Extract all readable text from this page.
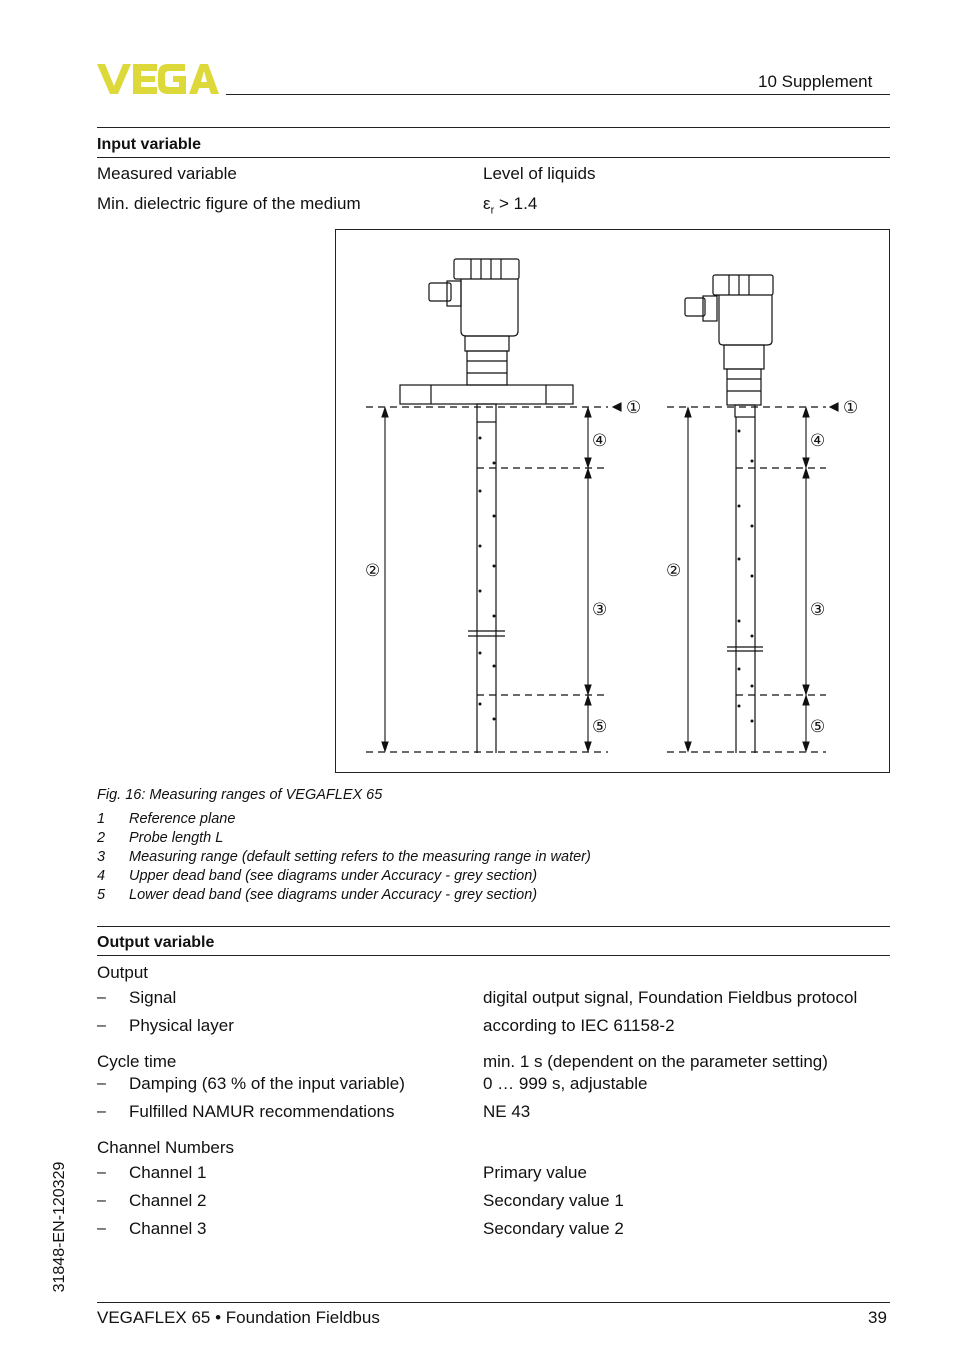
10 Supplement
Input variable
Measured variable	Level of liquids
Min. dielectric figure of the medium	$\varepsilon_r > 1.4$
①
④
②
③
⑤
①
④
②
③
⑤
Fig. 16: Measuring ranges of VEGAFLEX 65
1 Reference plane
2 Probe length L
3 Measuring range (default setting refers to the measuring range in water)
4 Upper dead band (see diagrams under Accuracy - grey section)
5 Lower dead band (see diagrams under Accuracy - grey section)
Output variable
Output
– Signal	digital output signal, Foundation Fieldbus protocol
– Physical layer	according to IEC 61158-2
Cycle time	min. 1 s (dependent on the parameter setting)
– Damping (63 % of the input variable)	0 … 999 s, adjustable
– Fulfilled NAMUR recommendations	NE 43
Channel Numbers
– Channel 1	Primary value
– Channel 2	Secondary value 1
– Channel 3	Secondary value 2
31848-EN-120329
VEGAFLEX 65 • Foundation Fieldbus	39
